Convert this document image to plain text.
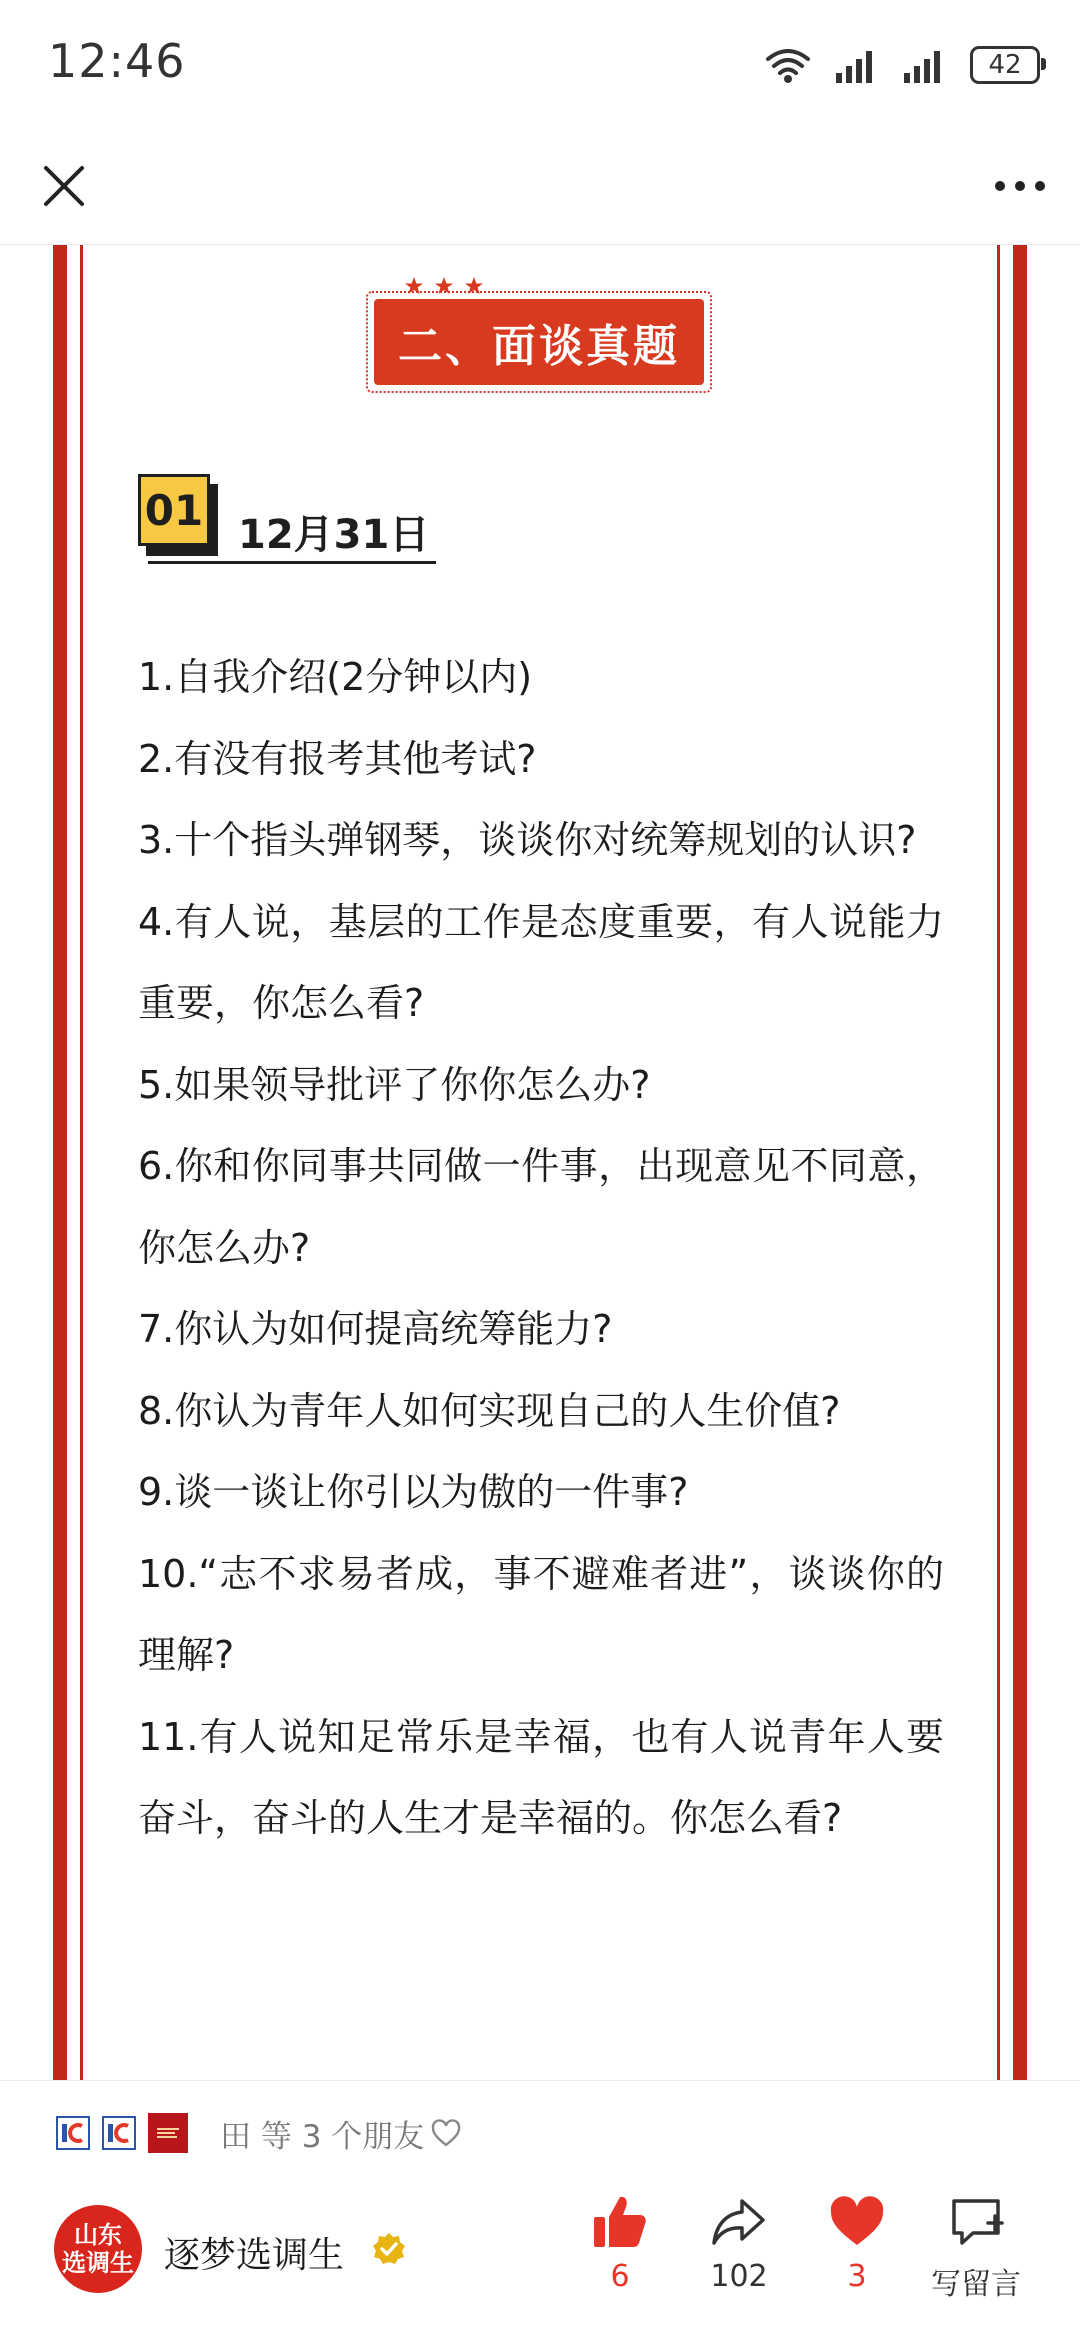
12:46	42
二、面谈真题
01
12月31日

1.自我介绍(2分钟以内)

2.有没有报考其他考试?

3.十个指头弹钢琴，谈谈你对统筹规划的认识?

4.有人说，基层的工作是态度重要，有人说能力重要，你怎么看?

5.如果领导批评了你你怎么办?

6.你和你同事共同做一件事，出现意见不同意，你怎么办?

7.你认为如何提高统筹能力?

8.你认为青年人如何实现自己的人生价值?

9.谈一谈让你引以为傲的一件事?

10.“志不求易者成，事不避难者进”，谈谈你的理解?

11.有人说知足常乐是幸福，也有人说青年人要奋斗，奋斗的人生才是幸福的。你怎么看?

田 等 3 个朋友
山东
选调生 逐梦选调生
6	102	3	写留言
